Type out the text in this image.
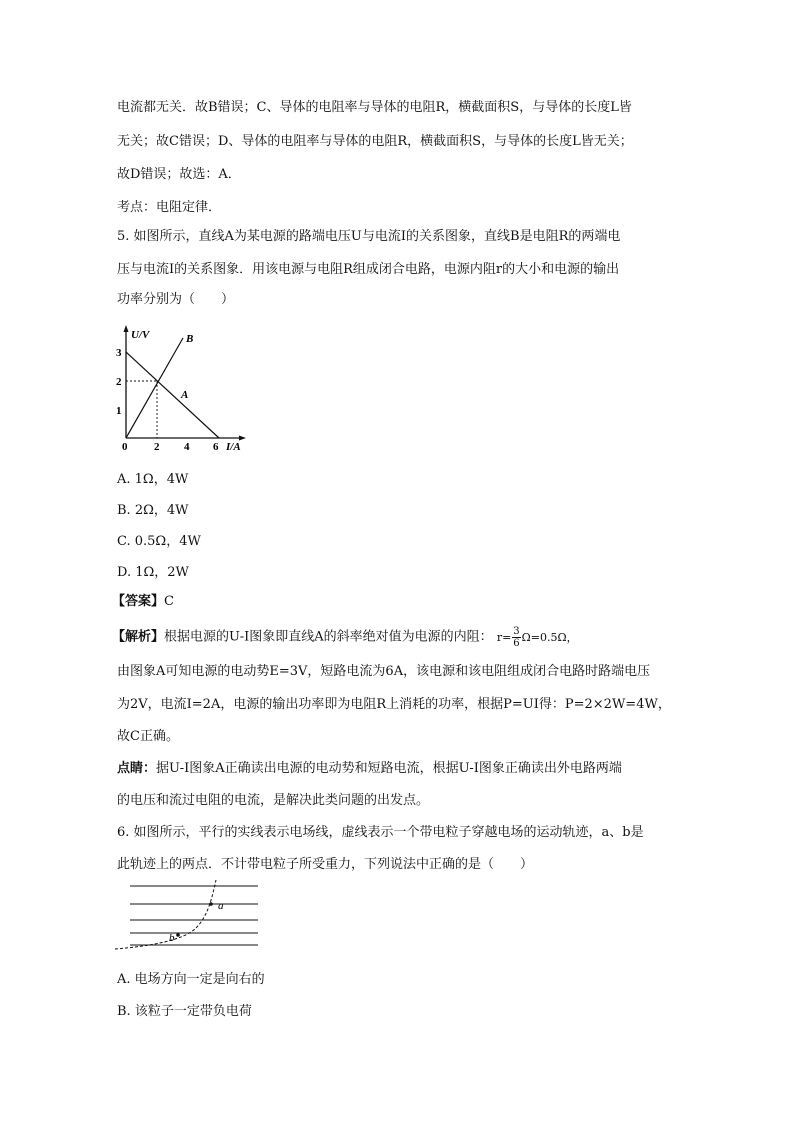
电流都无关．故B错误；C、导体的电阻率与导体的电阻R，横截面积S，与导体的长度L皆
无关；故C错误；D、导体的电阻率与导体的电阻R，横截面积S，与导体的长度L皆无关；
故D错误；故选：A．
考点：电阻定律．
5. 如图所示，直线A为某电源的路端电压U与电流I的关系图象，直线B是电阻R的两端电
压与电流I的关系图象．用该电源与电阻R组成闭合电路，电源内阻r的大小和电源的输出
功率分别为（　　）
U/V	B
A
3
2
1
0 2 4 6 I/A
A. 1Ω，4W
B. 2Ω，4W
C. 0.5Ω，4W
D. 1Ω，2W
【答案】C
【解析】根据电源的U-I图象即直线A的斜率绝对值为电源的内阻： $r= \frac{3}{6} \Omega=0.5\Omega$，
由图象A可知电源的电动势E=3V，短路电流为6A，该电源和该电阻组成闭合电路时路端电压
为2V，电流I=2A，电源的输出功率即为电阻R上消耗的功率，根据P=UI得：P=2×2W=4W，
故C正确。
点睛：据U-I图象A正确读出电源的电动势和短路电流，根据U-I图象正确读出外电路两端
的电压和流过电阻的电流，是解决此类问题的出发点。
6. 如图所示，平行的实线表示电场线，虚线表示一个带电粒子穿越电场的运动轨迹，a、b是
此轨迹上的两点．不计带电粒子所受重力，下列说法中正确的是（　　）
a
b
A. 电场方向一定是向右的
B. 该粒子一定带负电荷
